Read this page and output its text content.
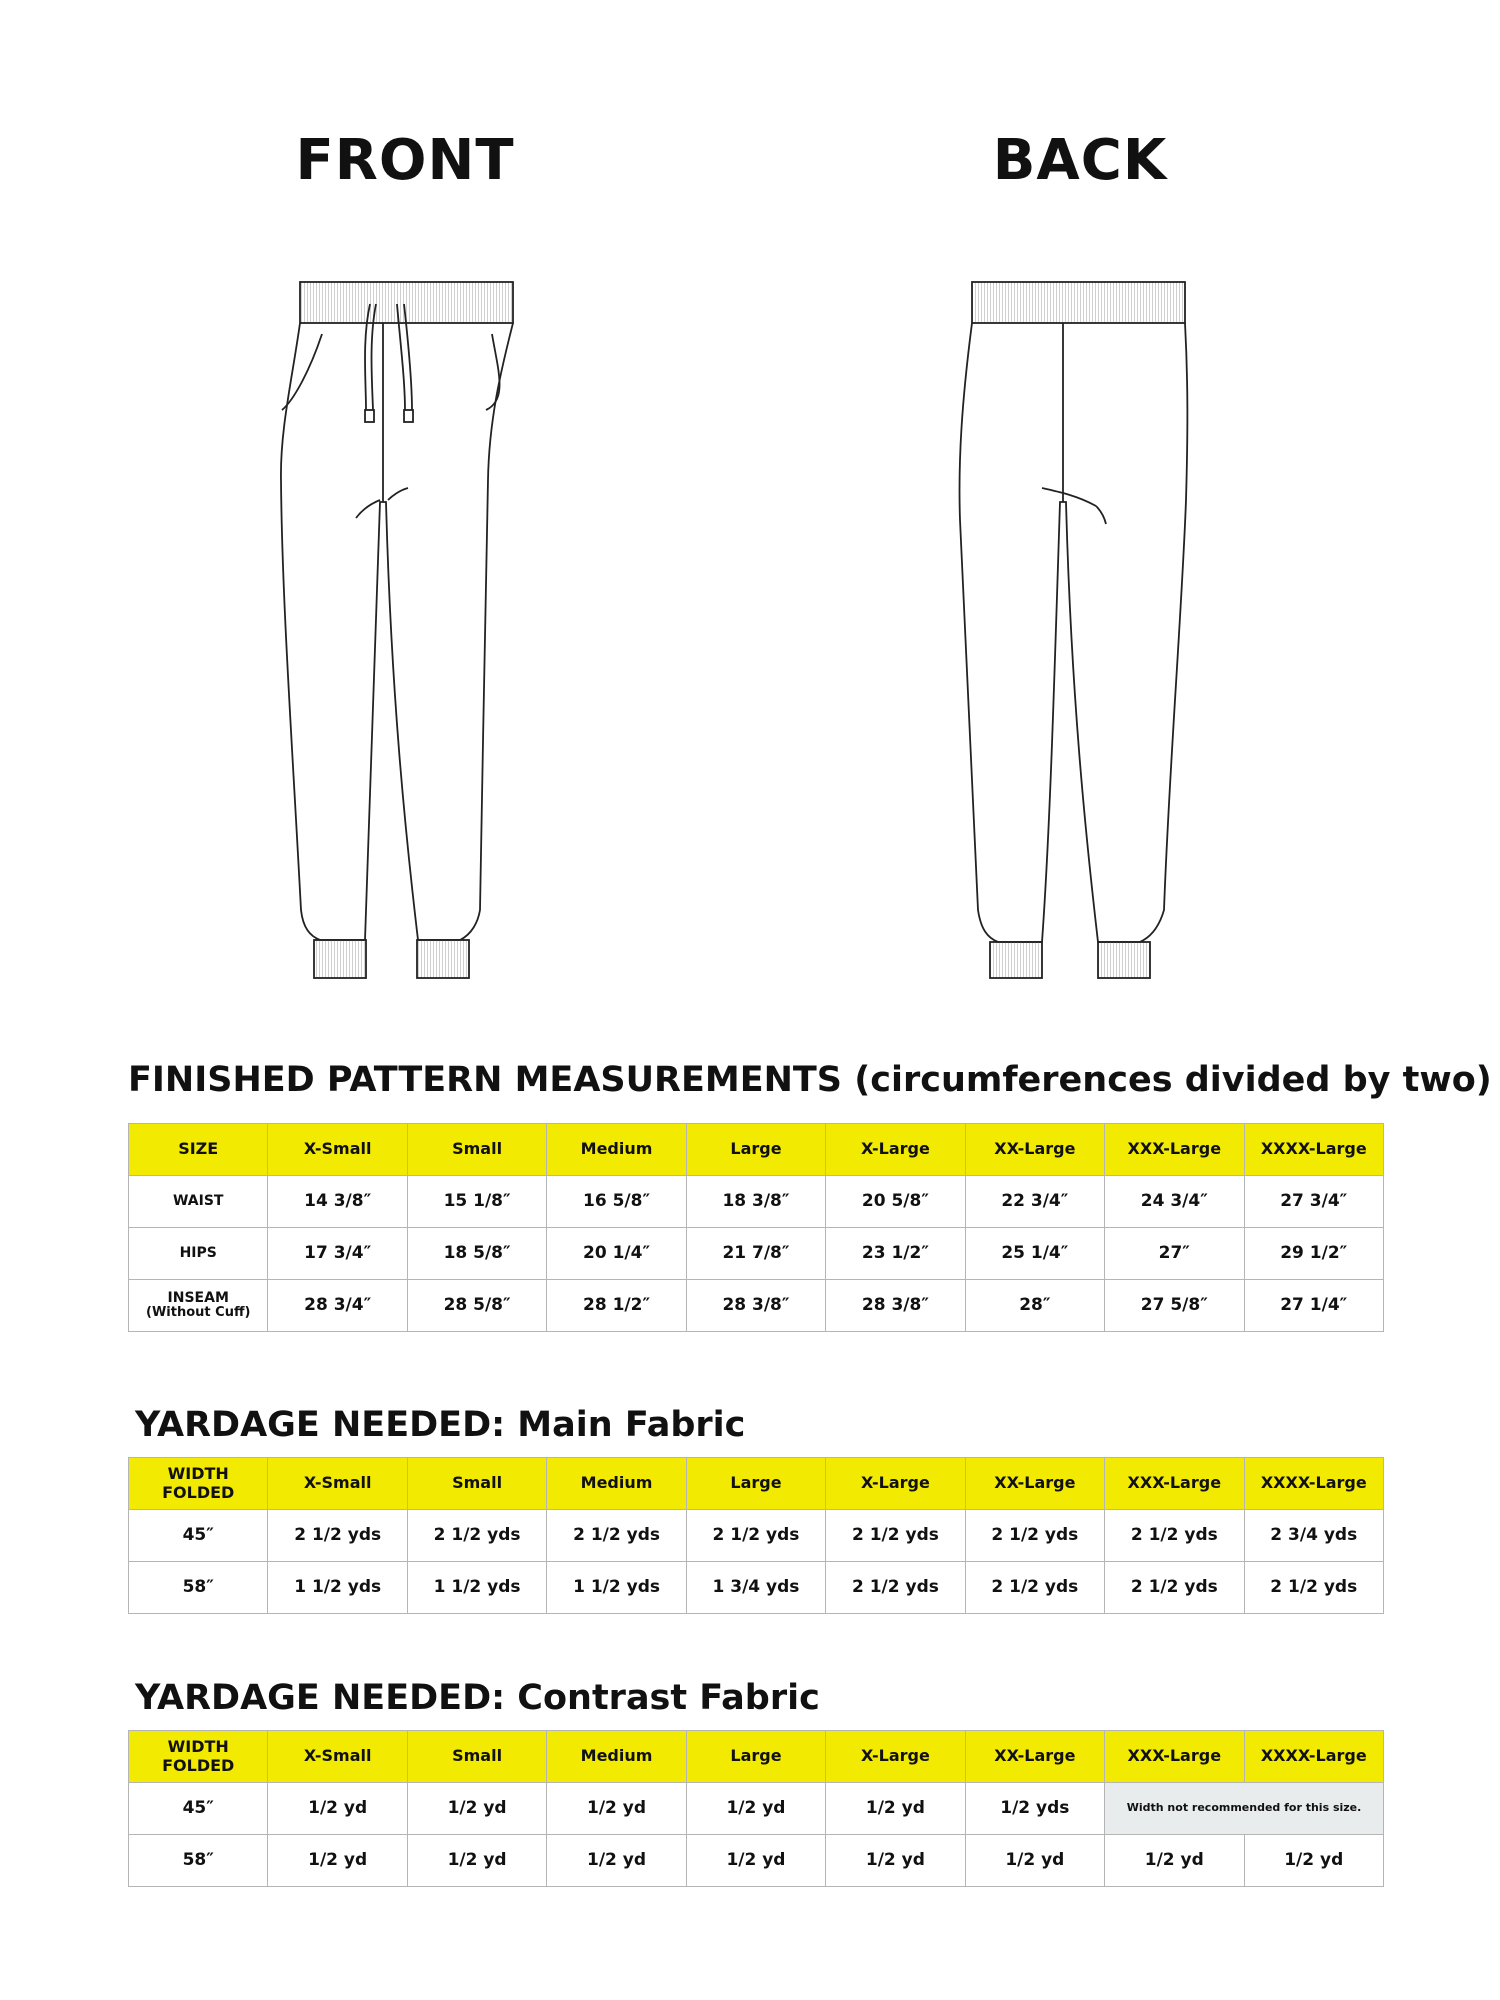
FRONT	BACK
FINISHED PATTERN MEASUREMENTS (circumferences divided by two)
SIZE	X-Small	Small	Medium	Large	X-Large	XX-Large	XXX-Large	XXXX-Large
WAIST	14 3/8″	15 1/8″	16 5/8″	18 3/8″	20 5/8″	22 3/4″	24 3/4″	27 3/4″
HIPS	17 3/4″	18 5/8″	20 1/4″	21 7/8″	23 1/2″	25 1/4″	27″	29 1/2″

INSEAM
(Without Cuff)	28 3/4″	28 5/8″	28 1/2″	28 3/8″	28 3/8″	28″	27 5/8″	27 1/4″
YARDAGE NEEDED: Main Fabric
WIDTH
FOLDED	X-Small	Small	Medium	Large	X-Large	XX-Large	XXX-Large	XXXX-Large
45″	2 1/2 yds	2 1/2 yds	2 1/2 yds	2 1/2 yds	2 1/2 yds	2 1/2 yds	2 1/2 yds	2 3/4 yds
58″	1 1/2 yds	1 1/2 yds	1 1/2 yds	1 3/4 yds	2 1/2 yds	2 1/2 yds	2 1/2 yds	2 1/2 yds
YARDAGE NEEDED: Contrast Fabric
WIDTH
FOLDED	X-Small	Small	Medium	Large	X-Large	XX-Large	XXX-Large	XXXX-Large
45″	1/2 yd	1/2 yd	1/2 yd	1/2 yd	1/2 yd	1/2 yds	Width not recommended for this size.	
58″	1/2 yd	1/2 yd	1/2 yd	1/2 yd	1/2 yd	1/2 yd	1/2 yd	1/2 yd
